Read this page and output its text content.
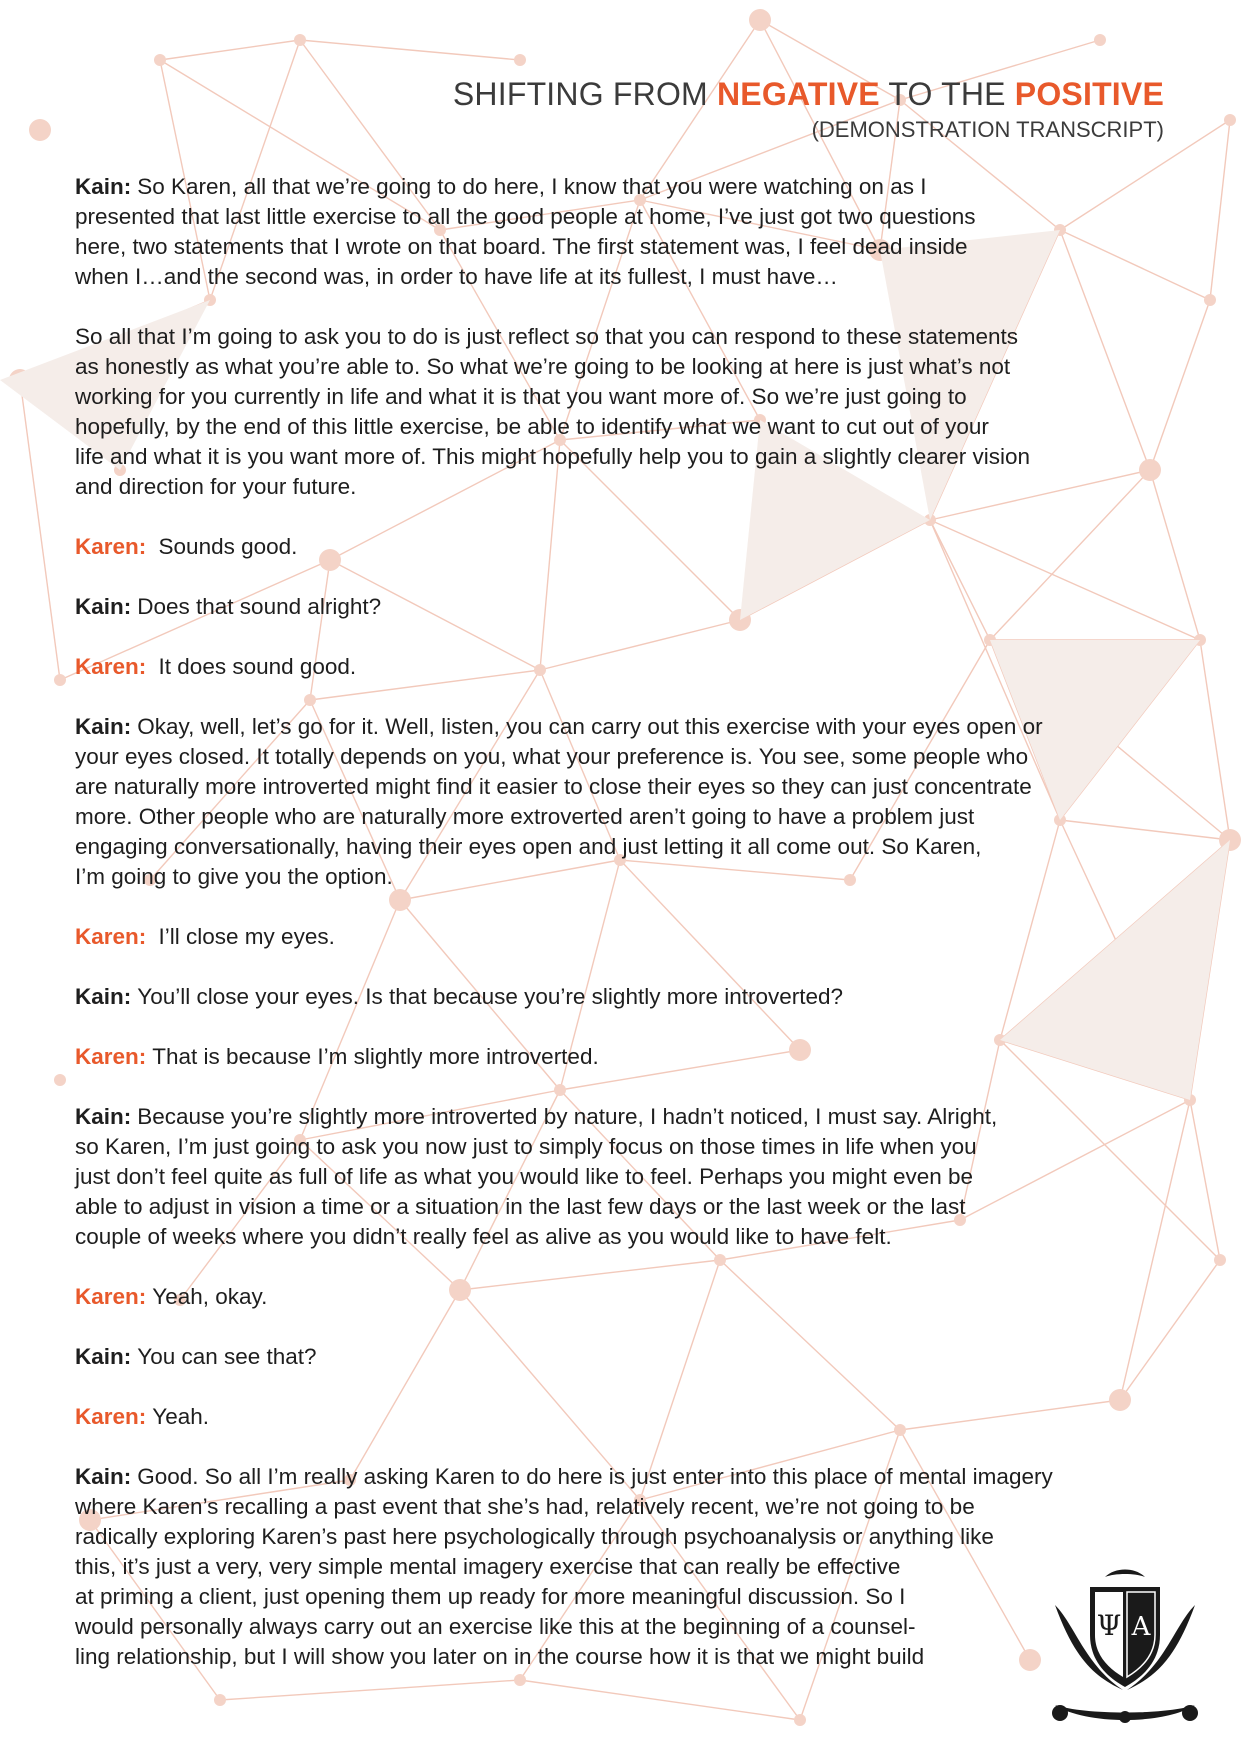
SHIFTING FROM NEGATIVE TO THE POSITIVE
(DEMONSTRATION TRANSCRIPT)

Kain: So Karen, all that we’re going to do here, I know that you were watching on as I
presented that last little exercise to all the good people at home, I’ve just got two questions
here, two statements that I wrote on that board. The first statement was, I feel dead inside
when I…and the second was, in order to have life at its fullest, I must have…

So all that I’m going to ask you to do is just reflect so that you can respond to these statements
as honestly as what you’re able to. So what we’re going to be looking at here is just what’s not
working for you currently in life and what it is that you want more of. So we’re just going to
hopefully, by the end of this little exercise, be able to identify what we want to cut out of your
life and what it is you want more of. This might hopefully help you to gain a slightly clearer vision
and direction for your future.

Karen: Sounds good.

Kain: Does that sound alright?

Karen: It does sound good.

Kain: Okay, well, let’s go for it. Well, listen, you can carry out this exercise with your eyes open or
your eyes closed. It totally depends on you, what your preference is. You see, some people who
are naturally more introverted might find it easier to close their eyes so they can just concentrate
more. Other people who are naturally more extroverted aren’t going to have a problem just
engaging conversationally, having their eyes open and just letting it all come out. So Karen,
I’m going to give you the option.

Karen: I’ll close my eyes.

Kain: You’ll close your eyes. Is that because you’re slightly more introverted?

Karen: That is because I’m slightly more introverted.

Kain: Because you’re slightly more introverted by nature, I hadn’t noticed, I must say. Alright,
so Karen, I’m just going to ask you now just to simply focus on those times in life when you
just don’t feel quite as full of life as what you would like to feel. Perhaps you might even be
able to adjust in vision a time or a situation in the last few days or the last week or the last
couple of weeks where you didn’t really feel as alive as you would like to have felt.

Karen: Yeah, okay.

Kain: You can see that?

Karen: Yeah.

Kain: Good. So all I’m really asking Karen to do here is just enter into this place of mental imagery
where Karen’s recalling a past event that she’s had, relatively recent, we’re not going to be
radically exploring Karen’s past here psychologically through psychoanalysis or anything like
this, it’s just a very, very simple mental imagery exercise that can really be effective
at priming a client, just opening them up ready for more meaningful discussion. So I
would personally always carry out an exercise like this at the beginning of a counsel-
ling relationship, but I will show you later on in the course how it is that we might build

Ψ A
